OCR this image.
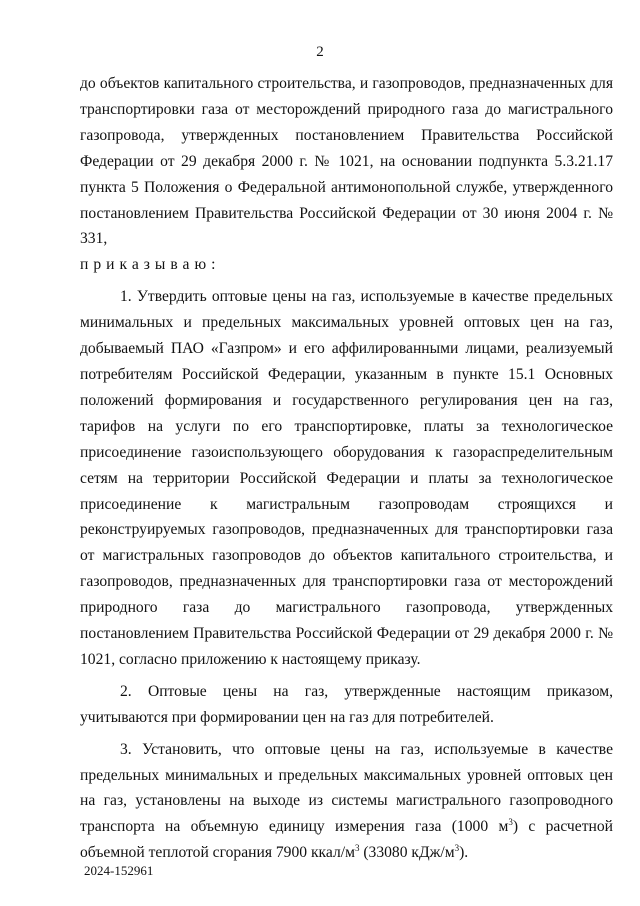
2

до объектов капитального строительства, и газопроводов, предназначенных для транспортировки газа от месторождений природного газа до магистрального газопровода, утвержденных постановлением Правительства Российской Федерации от 29 декабря 2000 г. № 1021, на основании подпункта 5.3.21.17 пункта 5 Положения о Федеральной антимонопольной службе, утвержденного постановлением Правительства Российской Федерации от 30 июня 2004 г. № 331,

приказываю:

1. Утвердить оптовые цены на газ, используемые в качестве предельных минимальных и предельных максимальных уровней оптовых цен на газ, добываемый ПАО «Газпром» и его аффилированными лицами, реализуемый потребителям Российской Федерации, указанным в пункте 15.1 Основных положений формирования и государственного регулирования цен на газ, тарифов на услуги по его транспортировке, платы за технологическое присоединение газоиспользующего оборудования к газораспределительным сетям на территории Российской Федерации и платы за технологическое присоединение к магистральным газопроводам строящихся и реконструируемых газопроводов, предназначенных для транспортировки газа от магистральных газопроводов до объектов капитального строительства, и газопроводов, предназначенных для транспортировки газа от месторождений природного газа до магистрального газопровода, утвержденных постановлением Правительства Российской Федерации от 29 декабря 2000 г. № 1021, согласно приложению к настоящему приказу.

2. Оптовые цены на газ, утвержденные настоящим приказом, учитываются при формировании цен на газ для потребителей.

3. Установить, что оптовые цены на газ, используемые в качестве предельных минимальных и предельных максимальных уровней оптовых цен на газ, установлены на выходе из системы магистрального газопроводного транспорта на объемную единицу измерения газа (1000 $м^3$) с расчетной объемной теплотой сгорания 7900 ккал/$м^3$ (33080 кДж/$м^3$).

2024-152961
